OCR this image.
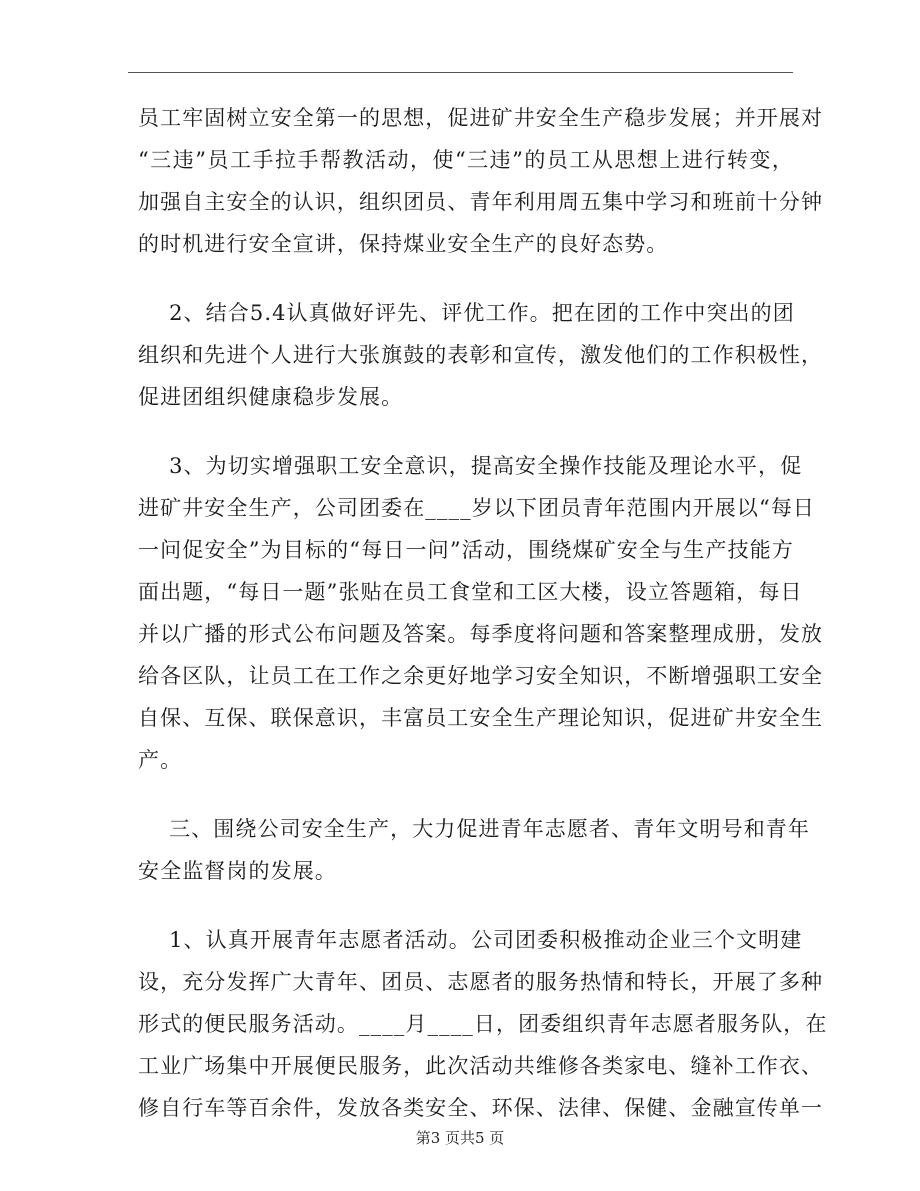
员工牢固树立安全第一的思想，促进矿井安全生产稳步发展；并开展对
“三违”员工手拉手帮教活动，使“三违”的员工从思想上进行转变，
加强自主安全的认识，组织团员、青年利用周五集中学习和班前十分钟
的时机进行安全宣讲，保持煤业安全生产的良好态势。
2、结合5.4认真做好评先、评优工作。把在团的工作中突出的团
组织和先进个人进行大张旗鼓的表彰和宣传，激发他们的工作积极性，
促进团组织健康稳步发展。
3、为切实增强职工安全意识，提高安全操作技能及理论水平，促
进矿井安全生产，公司团委在____岁以下团员青年范围内开展以“每日
一问促安全”为目标的“每日一问”活动，围绕煤矿安全与生产技能方
面出题，“每日一题”张贴在员工食堂和工区大楼，设立答题箱，每日
并以广播的形式公布问题及答案。每季度将问题和答案整理成册，发放
给各区队，让员工在工作之余更好地学习安全知识，不断增强职工安全
自保、互保、联保意识，丰富员工安全生产理论知识，促进矿井安全生
产。
三、围绕公司安全生产，大力促进青年志愿者、青年文明号和青年
安全监督岗的发展。
1、认真开展青年志愿者活动。公司团委积极推动企业三个文明建
设，充分发挥广大青年、团员、志愿者的服务热情和特长，开展了多种
形式的便民服务活动。____月____日，团委组织青年志愿者服务队，在
工业广场集中开展便民服务，此次活动共维修各类家电、缝补工作衣、
修自行车等百余件，发放各类安全、环保、法律、保健、金融宣传单一
第3 页共5 页
